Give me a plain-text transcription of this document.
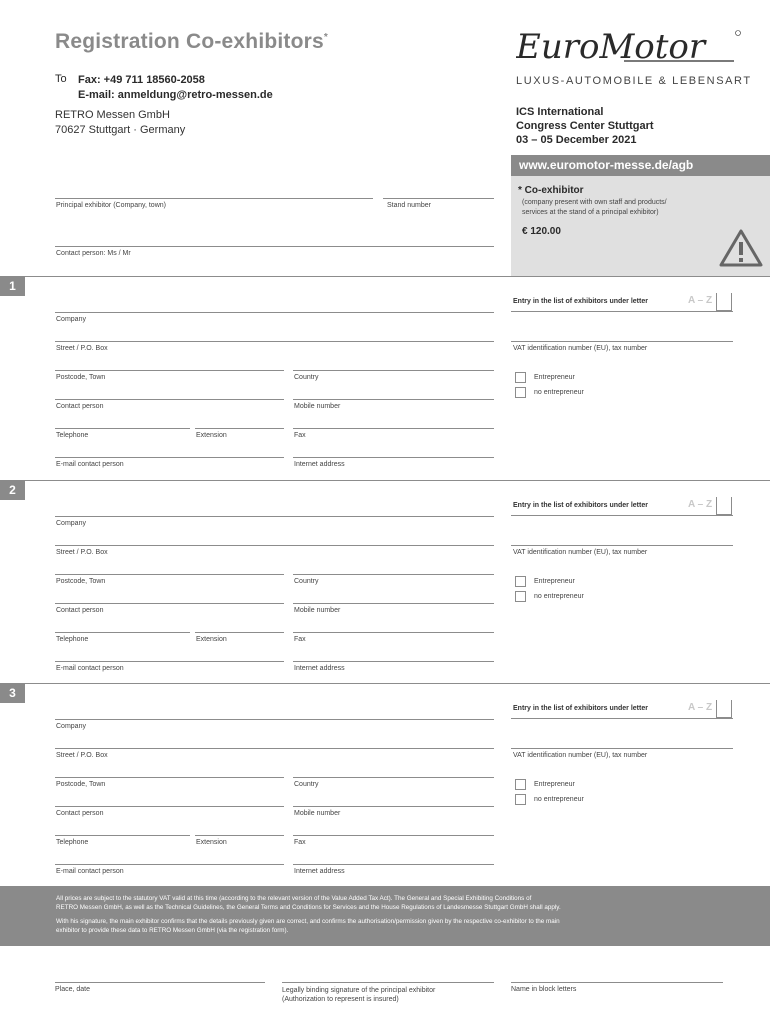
Registration Co-exhibitors*
To Fax: +49 711 18560-2058
E-mail: anmeldung@retro-messen.de
RETRO Messen GmbH
70627 Stuttgart · Germany
EuroMotor
LUXUS-AUTOMOBILE & LEBENSART
ICS International
Congress Center Stuttgart
03 – 05 December 2021
www.euromotor-messe.de/agb
* Co-exhibitor
(company present with own staff and products/
services at the stand of a principal exhibitor)
€ 120.00
Principal exhibitor (Company, town)	Stand number
Contact person: Ms / Mr
1
Entry in the list of exhibitors under letter	A – Z
Company
Street / P.O. Box	VAT identification number (EU), tax number
Postcode, Town	Country	Entrepreneur
no entrepreneur
Contact person	Mobile number
Telephone	Extension	Fax
E-mail contact person	Internet address
2
Entry in the list of exhibitors under letter	A – Z
Company
Street / P.O. Box	VAT identification number (EU), tax number
Postcode, Town	Country	Entrepreneur
no entrepreneur
Contact person	Mobile number
Telephone	Extension	Fax
E-mail contact person	Internet address
3
Entry in the list of exhibitors under letter	A – Z
Company
Street / P.O. Box	VAT identification number (EU), tax number
Postcode, Town	Country	Entrepreneur
no entrepreneur
Contact person	Mobile number
Telephone	Extension	Fax
E-mail contact person	Internet address

All prices are subject to the statutory VAT valid at this time (according to the relevant version of the Value Added Tax Act). The General and Special Exhibiting Conditions of
RETRO Messen GmbH, as well as the Technical Guidelines, the General Terms and Conditions for Services and the House Regulations of Landesmesse Stuttgart GmbH shall apply.

With his signature, the main exhibitor confirms that the details previously given are correct, and confirms the authorisation/permission given by the respective co-exhibitor to the main
exhibitor to provide these data to RETRO Messen GmbH (via the registration form).

Place, date	Legally binding signature of the principal exhibitor
(Authorization to represent is insured)
Name in block letters
